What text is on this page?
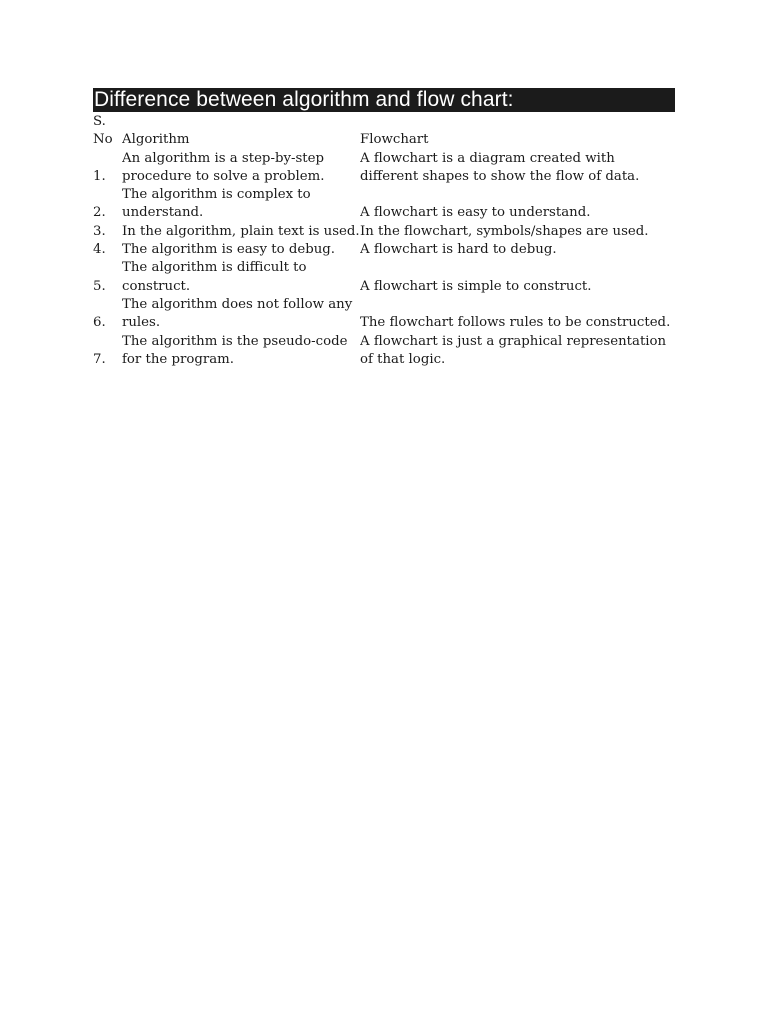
Difference between algorithm and flow chart:
S.		
No	Algorithm	Flowchart
	An algorithm is a step-by-step	A flowchart is a diagram created with
1.	procedure to solve a problem.	different shapes to show the flow of data.
	The algorithm is complex to	
2.	understand.	A flowchart is easy to understand.
3.	In the algorithm, plain text is used.	In the flowchart, symbols/shapes are used.
4.	The algorithm is easy to debug.	A flowchart is hard to debug.
	The algorithm is difficult to	
5.	construct.	A flowchart is simple to construct.
	The algorithm does not follow any	
6.	rules.	The flowchart follows rules to be constructed.
	The algorithm is the pseudo-code	A flowchart is just a graphical representation
7.	for the program.	of that logic.
